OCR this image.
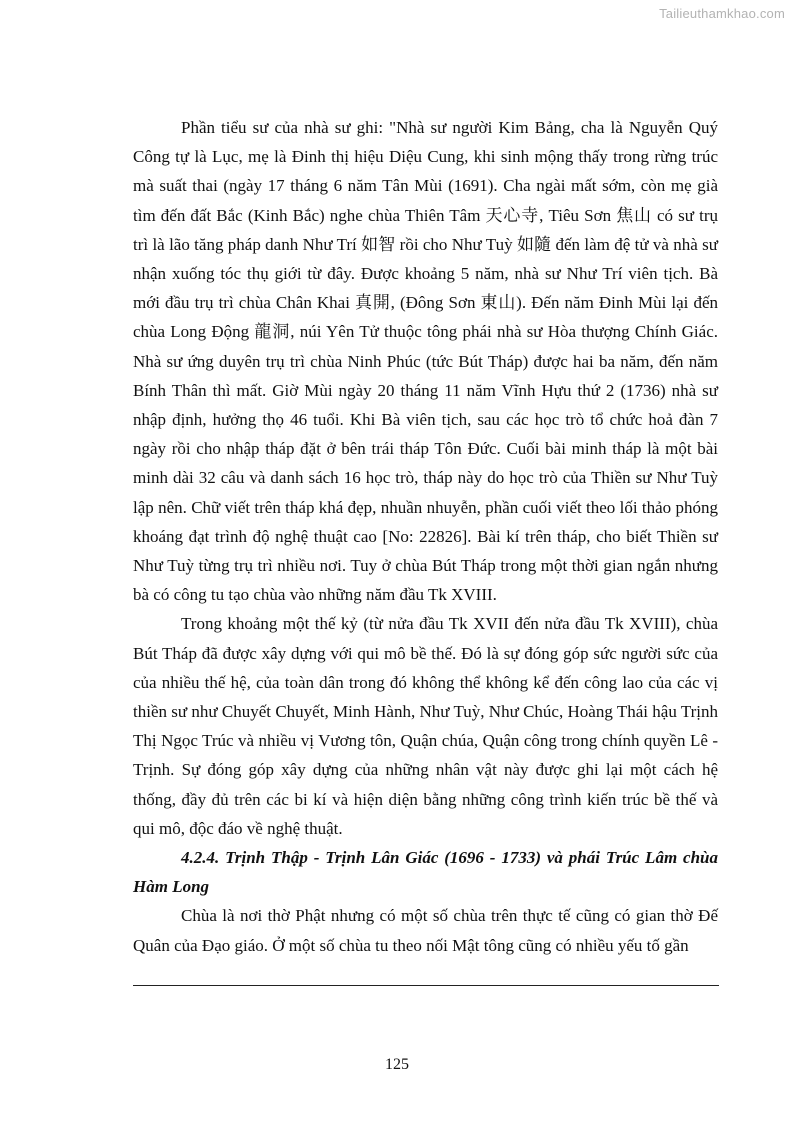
Tailieuthamkhao.com

Phần tiểu sư của nhà sư ghi: "Nhà sư người Kim Bảng, cha là Nguyễn Quý Công tự là Lục, mẹ là Đinh thị hiệu Diệu Cung, khi sinh mộng thấy trong rừng trúc mà suất thai (ngày 17 tháng 6 năm Tân Mùi (1691). Cha ngài mất sớm, còn mẹ già tìm đến đất Bắc (Kinh Bắc) nghe chùa Thiên Tâm 天心寺, Tiêu Sơn 焦山 có sư trụ trì là lão tăng pháp danh Như Trí 如智 rồi cho Như Tuỳ 如隨 đến làm đệ tử và nhà sư nhận xuống tóc thụ giới từ đây. Được khoảng 5 năm, nhà sư Như Trí viên tịch. Bà mới đầu trụ trì chùa Chân Khai 真開, (Đông Sơn 東山). Đến năm Đinh Mùi lại đến chùa Long Động 龍洞, núi Yên Tử thuộc tông phái nhà sư Hòa thượng Chính Giác. Nhà sư ứng duyên trụ trì chùa Ninh Phúc (tức Bút Tháp) được hai ba năm, đến năm Bính Thân thì mất. Giờ Mùi ngày 20 tháng 11 năm Vĩnh Hựu thứ 2 (1736) nhà sư nhập định, hưởng thọ 46 tuổi. Khi Bà viên tịch, sau các học trò tổ chức hoả đàn 7 ngày rồi cho nhập tháp đặt ở bên trái tháp Tôn Đức. Cuối bài minh tháp là một bài minh dài 32 câu và danh sách 16 học trò, tháp này do học trò của Thiền sư Như Tuỳ lập nên. Chữ viết trên tháp khá đẹp, nhuần nhuyễn, phần cuối viết theo lối thảo phóng khoáng đạt trình độ nghệ thuật cao [No: 22826]. Bài kí trên tháp, cho biết Thiền sư Như Tuỳ từng trụ trì nhiều nơi. Tuy ở chùa Bút Tháp trong một thời gian ngắn nhưng bà có công tu tạo chùa vào những năm đầu Tk XVIII.

Trong khoảng một thế kỷ (từ nửa đầu Tk XVII đến nửa đầu Tk XVIII), chùa Bút Tháp đã được xây dựng với qui mô bề thế. Đó là sự đóng góp sức người sức của của nhiều thế hệ, của toàn dân trong đó không thể không kể đến công lao của các vị thiền sư như Chuyết Chuyết, Minh Hành, Như Tuỳ, Như Chúc, Hoàng Thái hậu Trịnh Thị Ngọc Trúc và nhiều vị Vương tôn, Quận chúa, Quận công trong chính quyền Lê - Trịnh. Sự đóng góp xây dựng của những nhân vật này được ghi lại một cách hệ thống, đầy đủ trên các bi kí và hiện diện bằng những công trình kiến trúc bề thế và qui mô, độc đáo về nghệ thuật.

4.2.4. Trịnh Thập - Trịnh Lân Giác (1696 - 1733) và phái Trúc Lâm chùa Hàm Long

Chùa là nơi thờ Phật nhưng có một số chùa trên thực tế cũng có gian thờ Đế Quân của Đạo giáo. Ở một số chùa tu theo nối Mật tông cũng có nhiều yếu tố gần

125
